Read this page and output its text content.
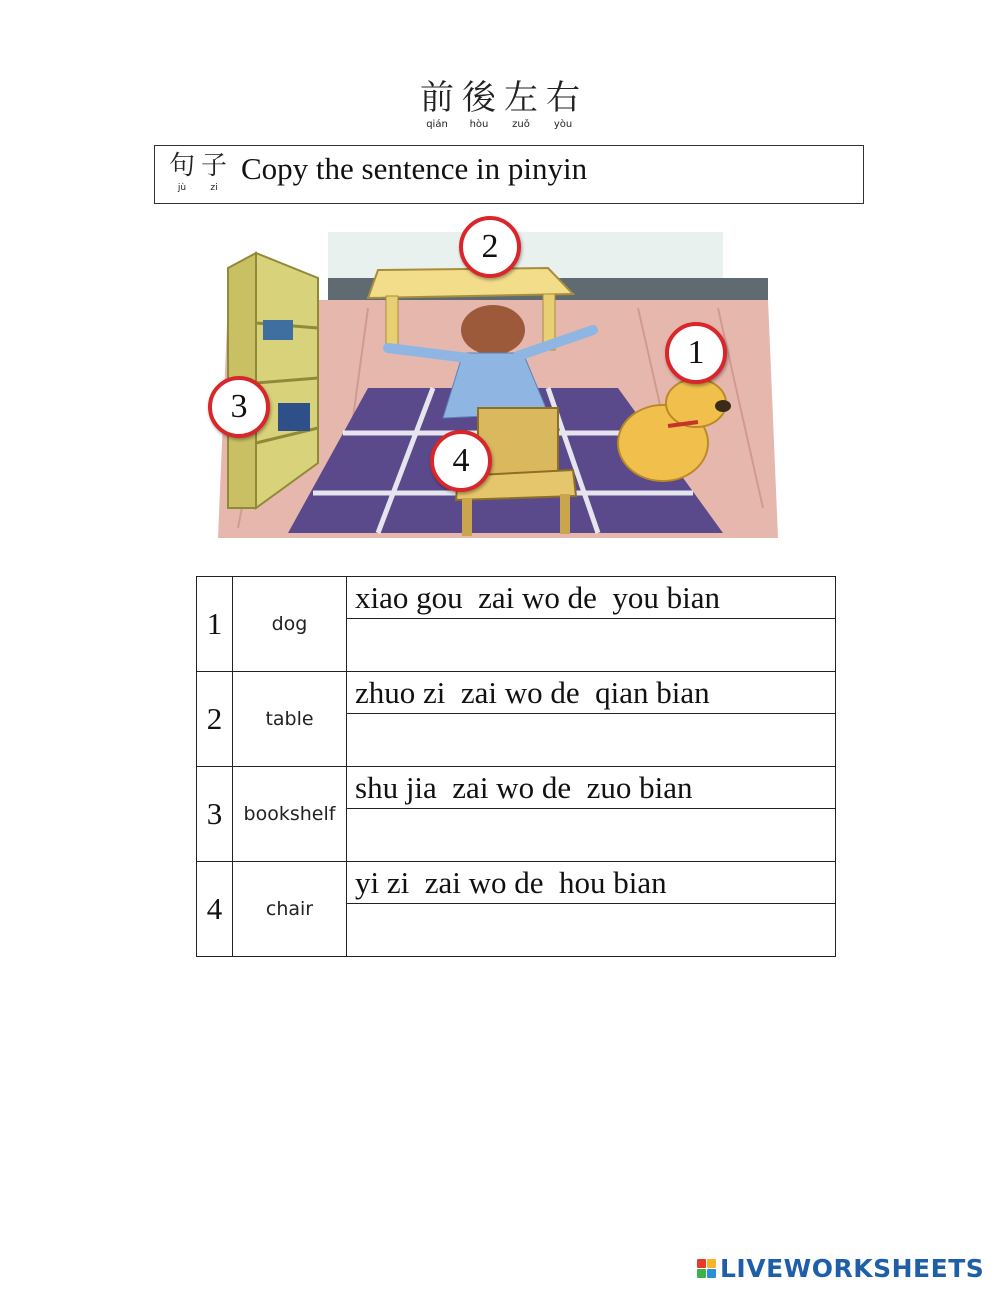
前
qián
後
hòu
左
zuǒ
右
yòu
句
jù
子
zi
Copy the sentence in pinyin
2
1
3
4
1	dog	xiao gou  zai wo de  you bian

2	table	zhuo zi  zai wo de  qian bian

3	bookshelf	shu jia  zai wo de  zuo bian

4	chair	yi zi  zai wo de  hou bian

LIVEWORKSHEETS
